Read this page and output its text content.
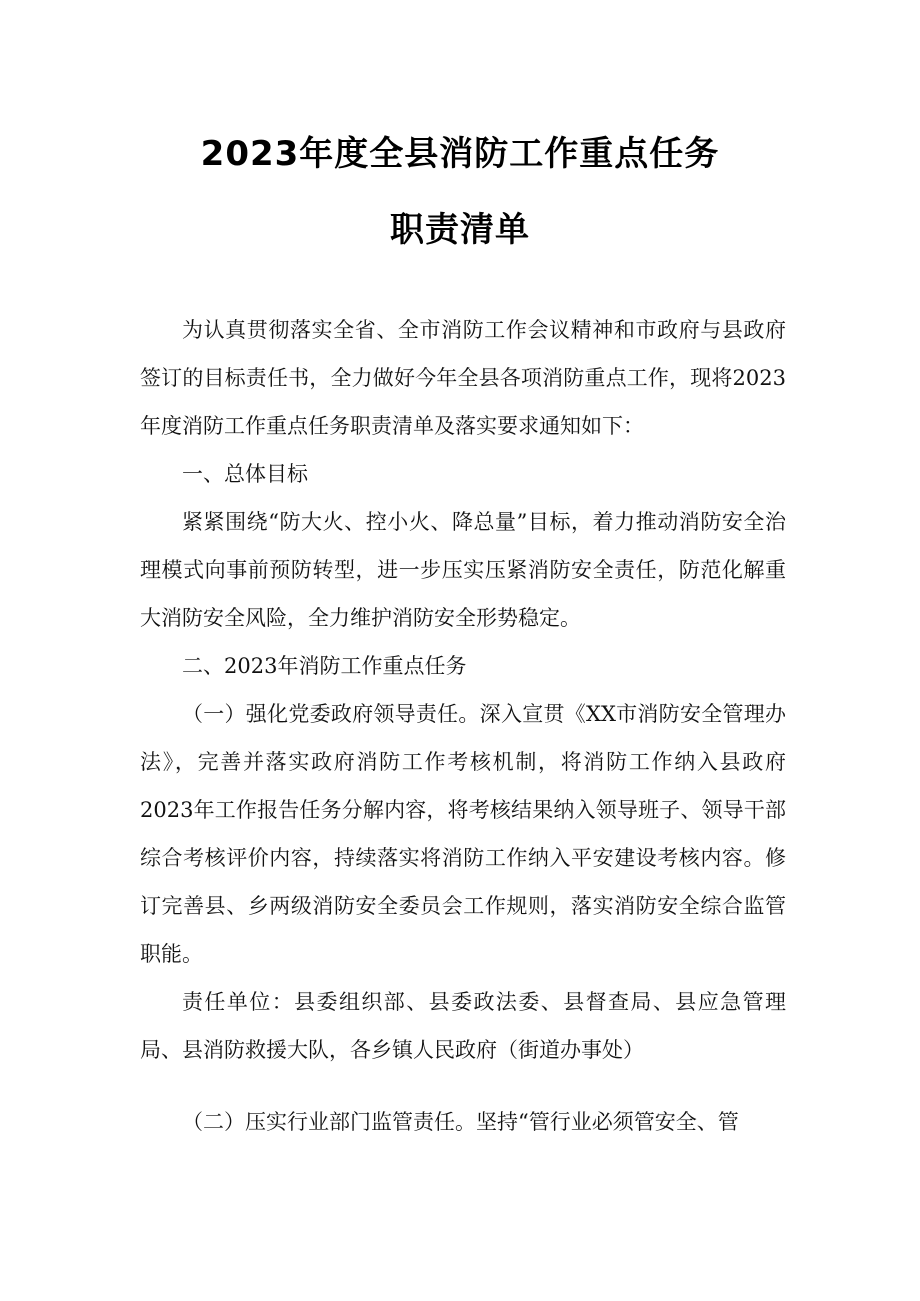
2023年度全县消防工作重点任务
职责清单

为认真贯彻落实全省、全市消防工作会议精神和市政府与县政府签订的目标责任书，全力做好今年全县各项消防重点工作，现将2023年度消防工作重点任务职责清单及落实要求通知如下：

一、总体目标

紧紧围绕“防大火、控小火、降总量”目标，着力推动消防安全治理模式向事前预防转型，进一步压实压紧消防安全责任，防范化解重大消防安全风险，全力维护消防安全形势稳定。

二、2023年消防工作重点任务

（一）强化党委政府领导责任。深入宣贯《XX市消防安全管理办法》，完善并落实政府消防工作考核机制，将消防工作纳入县政府2023年工作报告任务分解内容，将考核结果纳入领导班子、领导干部综合考核评价内容，持续落实将消防工作纳入平安建设考核内容。修订完善县、乡两级消防安全委员会工作规则，落实消防安全综合监管职能。

责任单位：县委组织部、县委政法委、县督查局、县应急管理局、县消防救援大队，各乡镇人民政府（街道办事处）

（二）压实行业部门监管责任。坚持“管行业必须管安全、管
